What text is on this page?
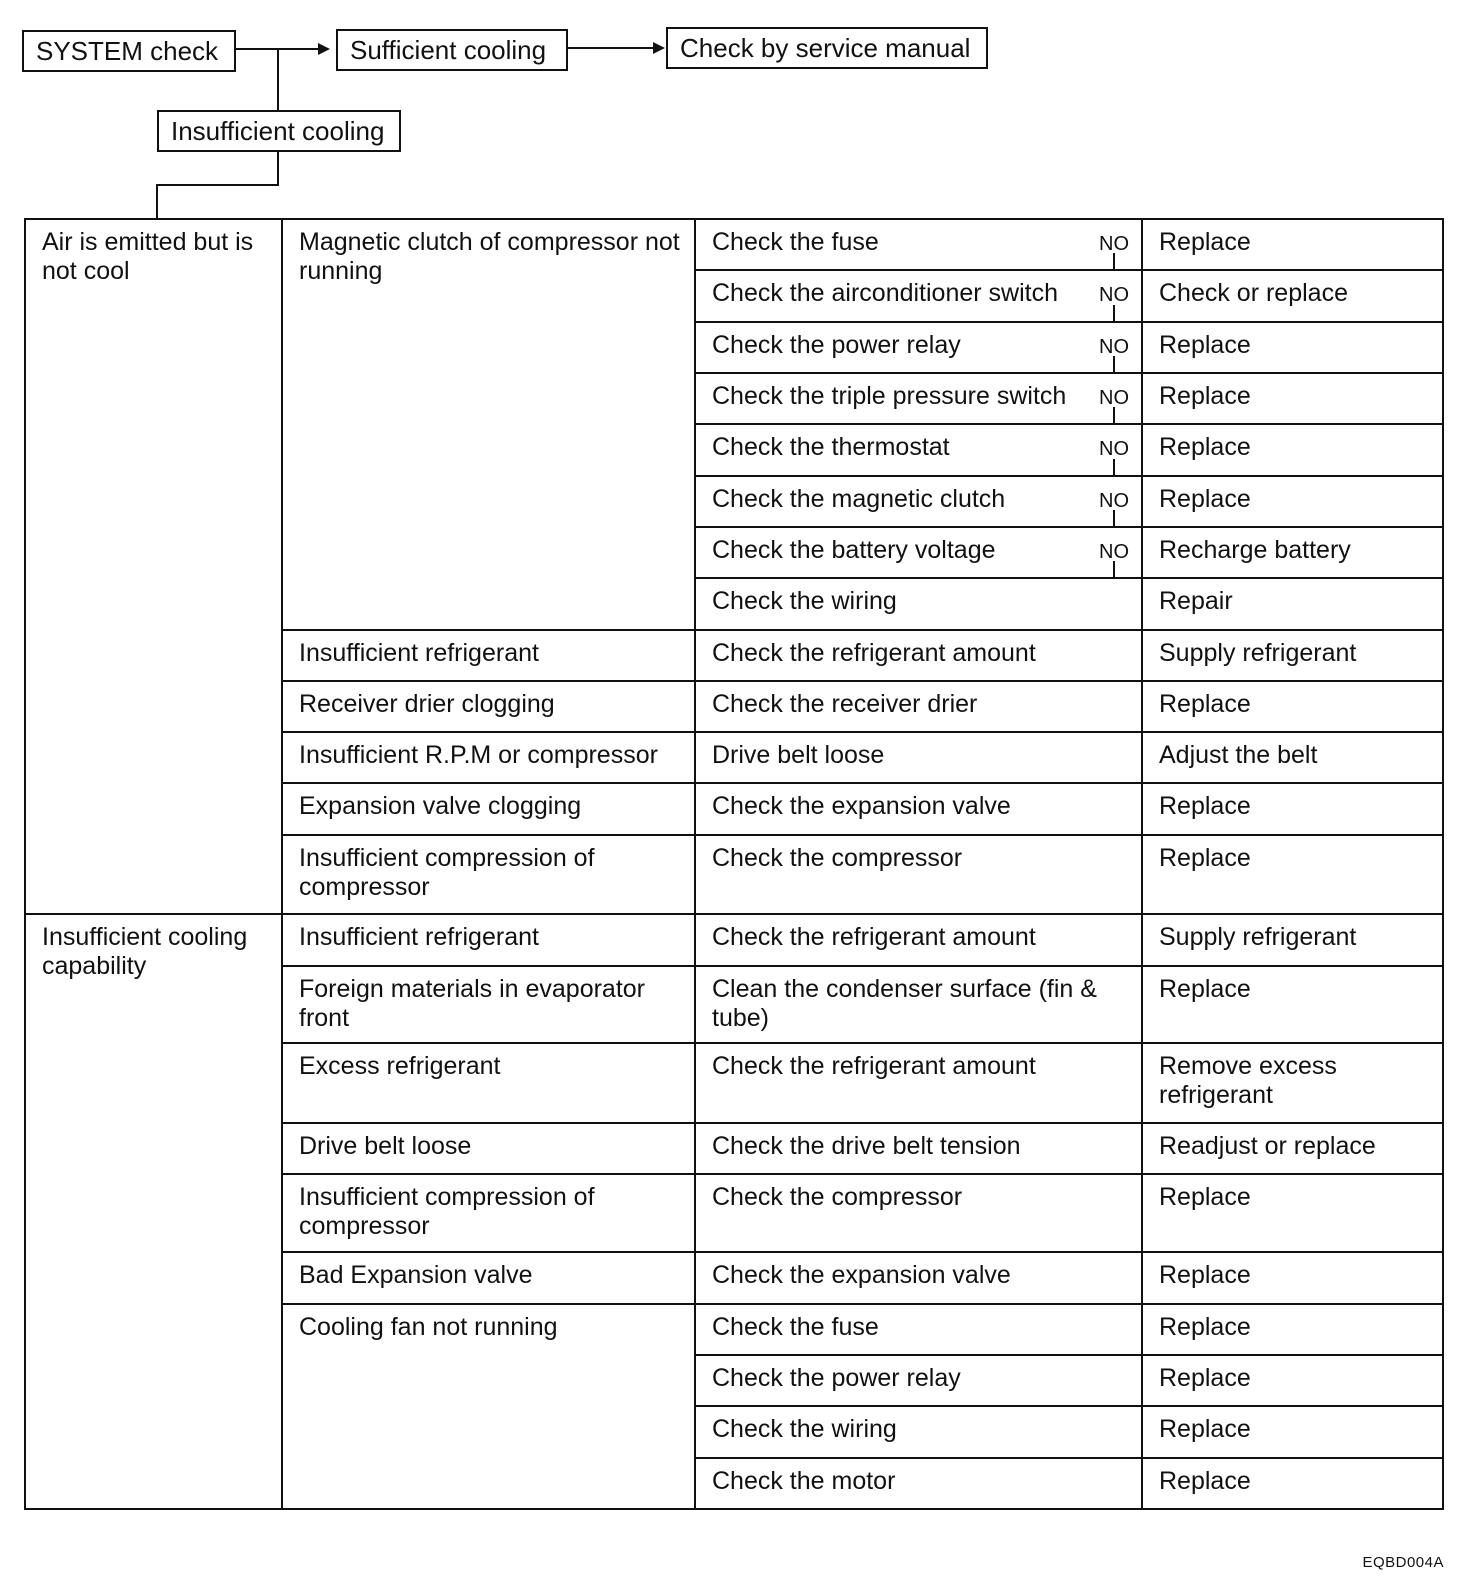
SYSTEM check	Sufficient cooling	Check by service manual
Insufficient cooling
Air is emitted but is not cool	Magnetic clutch of compressor not running	Check the fuse NO	Replace
		Check the airconditioner switch NO	Check or replace
		Check the power relay NO	Replace
		Check the triple pressure switch NO	Replace
		Check the thermostat NO	Replace
		Check the magnetic clutch NO	Replace
		Check the battery voltage NO	Recharge battery
		Check the wiring	Repair
	Insufficient refrigerant	Check the refrigerant amount	Supply refrigerant
	Receiver drier clogging	Check the receiver drier	Replace
	Insufficient R.P.M or compressor	Drive belt loose	Adjust the belt
	Expansion valve clogging	Check the expansion valve	Replace
	Insufficient compression of compressor	Check the compressor	Replace
Insufficient cooling capability	Insufficient refrigerant	Check the refrigerant amount	Supply refrigerant
	Foreign materials in evaporator front	Clean the condenser surface (fin & tube)	Replace
	Excess refrigerant	Check the refrigerant amount	Remove excess refrigerant
	Drive belt loose	Check the drive belt tension	Readjust or replace
	Insufficient compression of compressor	Check the compressor	Replace
	Bad Expansion valve	Check the expansion valve	Replace
	Cooling fan not running	Check the fuse	Replace
		Check the power relay	Replace
		Check the wiring	Replace
		Check the motor	Replace
EQBD004A
